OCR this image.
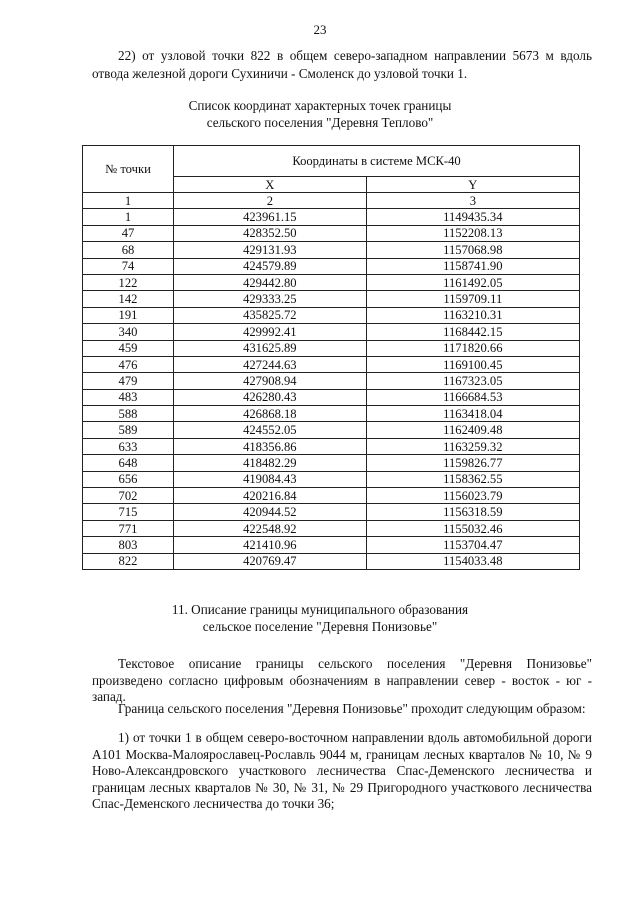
23
22) от узловой точки 822 в общем северо-западном направлении 5673 м вдоль отвода железной дороги Сухиничи - Смоленск до узловой точки 1.
Список координат характерных точек границы
сельского поселения "Деревня Теплово"
№ точки	Координаты в системе МСК-40	
	X	Y
1	2	3
1	423961.15	1149435.34
47	428352.50	1152208.13
68	429131.93	1157068.98
74	424579.89	1158741.90
122	429442.80	1161492.05
142	429333.25	1159709.11
191	435825.72	1163210.31
340	429992.41	1168442.15
459	431625.89	1171820.66
476	427244.63	1169100.45
479	427908.94	1167323.05
483	426280.43	1166684.53
588	426868.18	1163418.04
589	424552.05	1162409.48
633	418356.86	1163259.32
648	418482.29	1159826.77
656	419084.43	1158362.55
702	420216.84	1156023.79
715	420944.52	1156318.59
771	422548.92	1155032.46
803	421410.96	1153704.47
822	420769.47	1154033.48
11. Описание границы муниципального образования
сельское поселение "Деревня Понизовье"
Текстовое описание границы сельского поселения "Деревня Понизовье" произведено согласно цифровым обозначениям в направлении север - восток - юг - запад.
Граница сельского поселения "Деревня Понизовье" проходит следующим образом:
1) от точки 1 в общем северо-восточном направлении вдоль автомобильной дороги А101 Москва-Малоярославец-Рославль 9044 м, границам лесных кварталов № 10, № 9 Ново-Александровского участкового лесничества Спас-Деменского лесничества и границам лесных кварталов № 30, № 31, № 29 Пригородного участкового лесничества Спас-Деменского лесничества до точки 36;
